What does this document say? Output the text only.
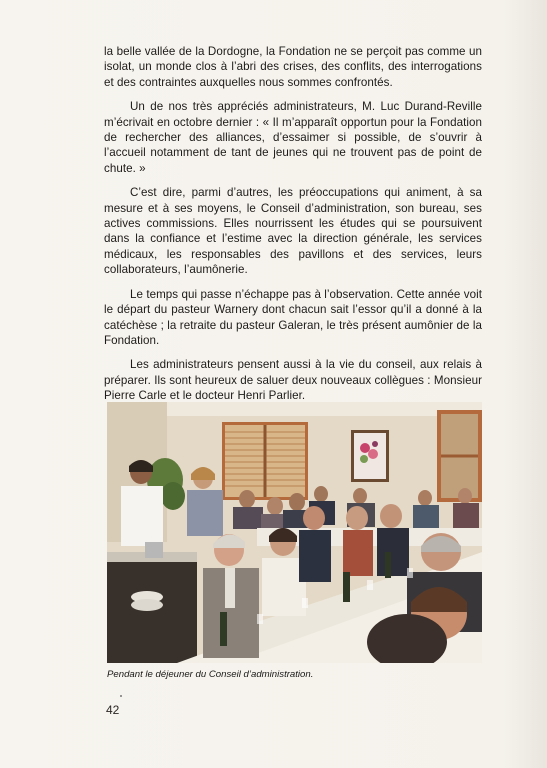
la belle vallée de la Dordogne, la Fondation ne se perçoit pas comme un isolat, un monde clos à l’abri des crises, des conflits, des interrogations et des contraintes auxquelles nous sommes confrontés.

Un de nos très appréciés administrateurs, M. Luc Durand-Reville m’écrivait en octobre dernier : « Il m’apparaît opportun pour la Fondation de rechercher des alliances, d’essaimer si possible, de s’ouvrir à l’accueil notamment de tant de jeunes qui ne trouvent pas de point de chute. »

C’est dire, parmi d’autres, les préoccupations qui animent, à sa mesure et à ses moyens, le Conseil d’administration, son bureau, ses actives commissions. Elles nourrissent les études qui se poursuivent dans la confiance et l’estime avec la direction générale, les services médicaux, les responsables des pavillons et des services, leurs collaborateurs, l’aumônerie.

Le temps qui passe n’échappe pas à l’observation. Cette année voit le départ du pasteur Warnery dont chacun sait l’essor qu’il a donné à la catéchèse ; la retraite du pasteur Galeran, le très présent aumônier de la Fondation.

Les administrateurs pensent aussi à la vie du conseil, aux relais à préparer. Ils sont heureux de saluer deux nouveaux collègues : Monsieur Pierre Carle et le docteur Henri Parlier.

Pendant le déjeuner du Conseil d’administration.
42
